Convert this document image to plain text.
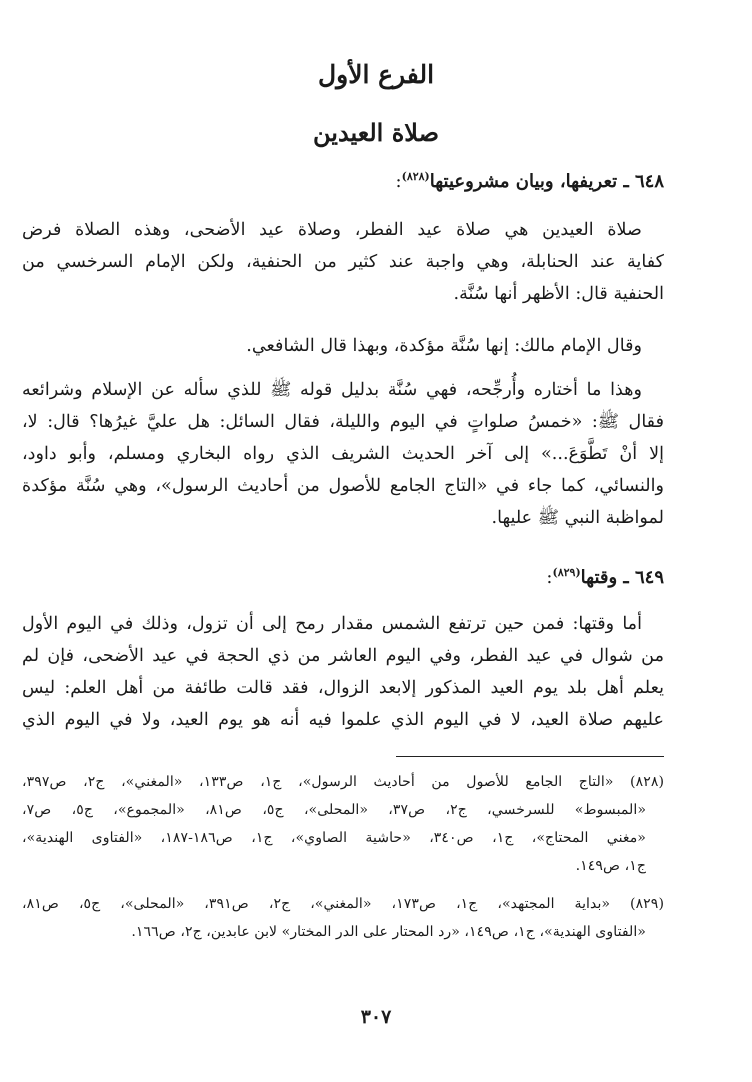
الفرع الأول
صلاة العيدين
٦٤٨ ـ تعريفها، وبيان مشروعيتها$^{(٨٢٨)}$:
صلاة العيدين هي صلاة عيد الفطر، وصلاة عيد الأضحى، وهذه الصلاة فرض
كفاية عند الحنابلة، وهي واجبة عند كثير من الحنفية، ولكن الإمام السرخسي من
الحنفية قال: الأظهر أنها سُنَّة.
وقال الإمام مالك: إنها سُنَّة مؤكدة، وبهذا قال الشافعي.
وهذا ما أختاره وأُرجِّحه، فهي سُنَّة بدليل قوله ﷺ للذي سأله عن الإسلام وشرائعه
فقال ﷺ: «خمسُ صلواتٍ في اليوم والليلة، فقال السائل: هل عليَّ غيرُها؟ قال: لا،
إلا أنْ تَطَّوَعَ...» إلى آخر الحديث الشريف الذي رواه البخاري ومسلم، وأبو داود،
والنسائي، كما جاء في «التاج الجامع للأصول من أحاديث الرسول»، وهي سُنَّة مؤكدة
لمواظبة النبي ﷺ عليها.
٦٤٩ ـ وقتها$^{(٨٢٩)}$:
أما وقتها: فمن حين ترتفع الشمس مقدار رمح إلى أن تزول، وذلك في اليوم الأول
من شوال في عيد الفطر، وفي اليوم العاشر من ذي الحجة في عيد الأضحى، فإن لم
يعلم أهل بلد يوم العيد المذكور إلابعد الزوال، فقد قالت طائفة من أهل العلم: ليس
عليهم صلاة العيد، لا في اليوم الذي علموا فيه أنه هو يوم العيد، ولا في اليوم الذي
(٨٢٨) «التاج الجامع للأصول من أحاديث الرسول»، ج١، ص١٣٣، «المغني»، ج٢، ص٣٩٧،
«المبسوط» للسرخسي، ج٢، ص٣٧، «المحلى»، ج٥، ص٨١، «المجموع»، ج٥، ص٧،
«مغني المحتاج»، ج١، ص٣٤٠، «حاشية الصاوي»، ج١، ص١٨٦-١٨٧، «الفتاوى الهندية»،
ج١، ص١٤٩.
(٨٢٩) «بداية المجتهد»، ج١، ص١٧٣، «المغني»، ج٢، ص٣٩١، «المحلى»، ج٥، ص٨١،
«الفتاوى الهندية»، ج١، ص١٤٩، «رد المحتار على الدر المختار» لابن عابدين، ج٢، ص١٦٦.
٣٠٧
